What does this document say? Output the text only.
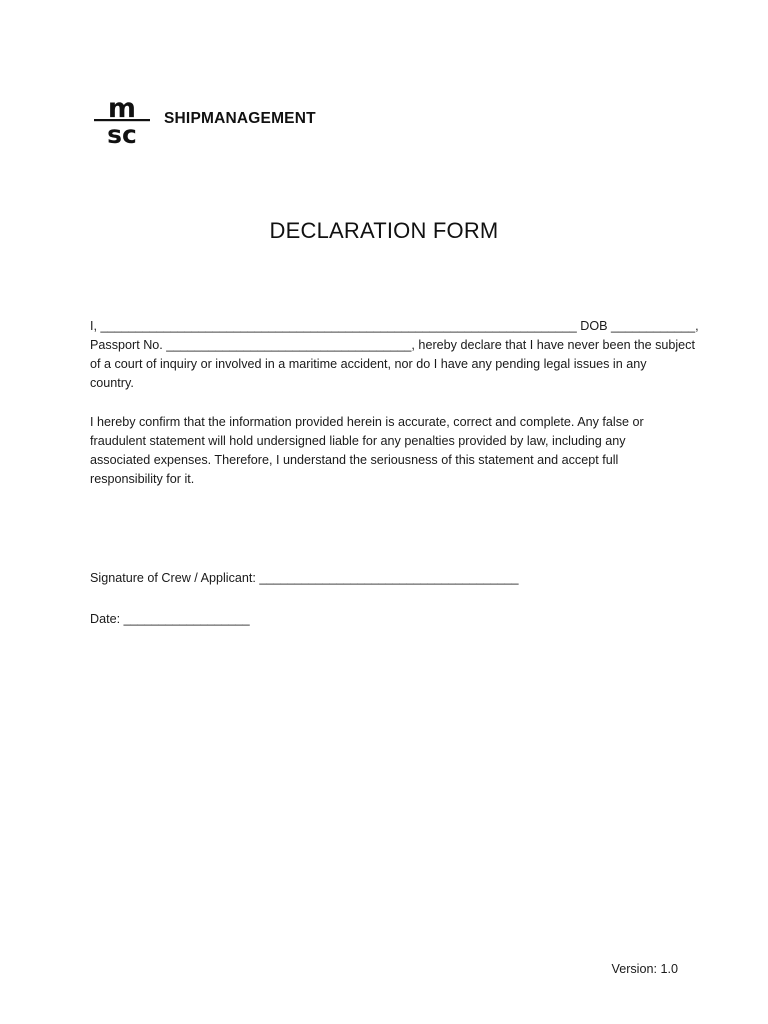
m
sc
SHIPMANAGEMENT
DECLARATION FORM
I, ____________________________________________________________________ DOB ____________,
Passport No. ___________________________________, hereby declare that I have never been the subject
of a court of inquiry or involved in a maritime accident, nor do I have any pending legal issues in any
country.
I hereby confirm that the information provided herein is accurate, correct and complete. Any false or
fraudulent statement will hold undersigned liable for any penalties provided by law, including any
associated expenses. Therefore, I understand the seriousness of this statement and accept full
responsibility for it.
Signature of Crew / Applicant: _____________________________________
Date: __________________
Version: 1.0
